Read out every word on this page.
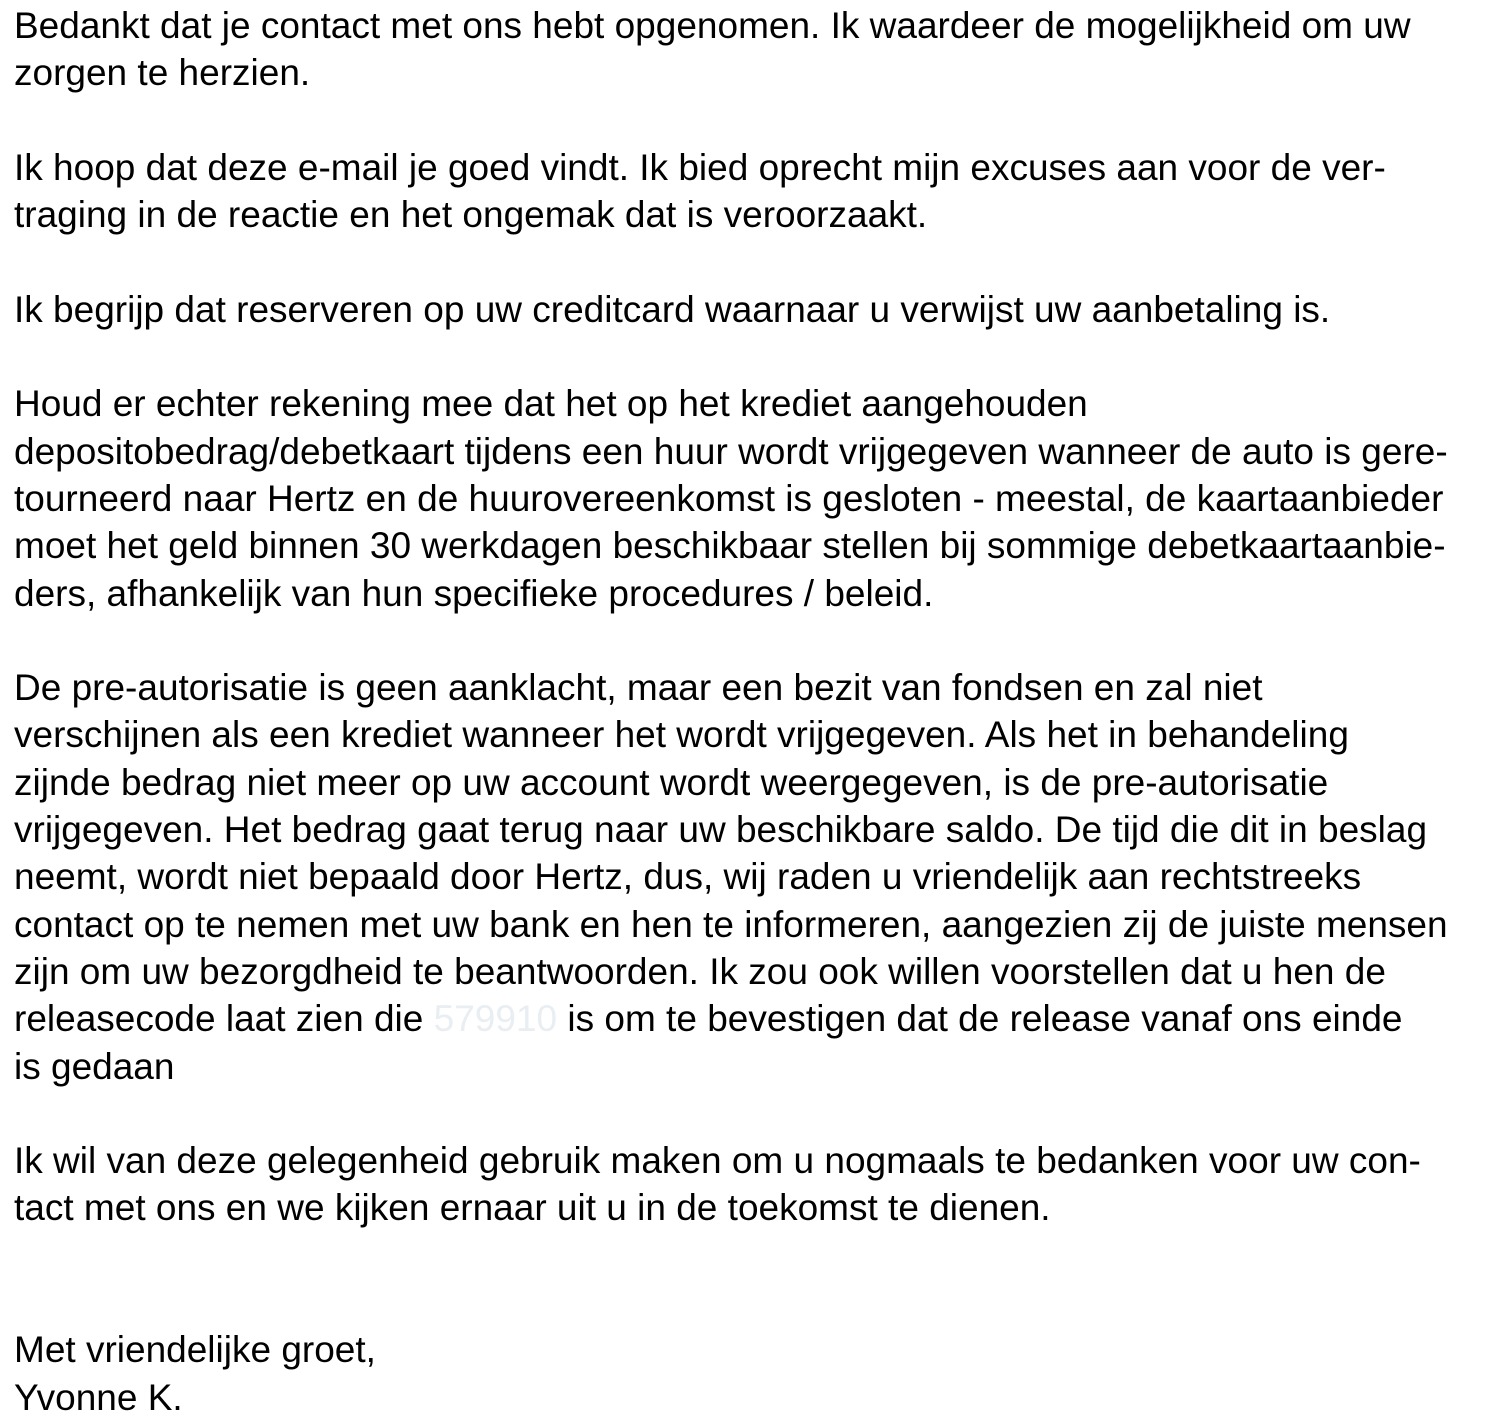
Bedankt dat je contact met ons hebt opgenomen. Ik waardeer de mogelijkheid om uw
zorgen te herzien.
Ik hoop dat deze e-mail je goed vindt. Ik bied oprecht mijn excuses aan voor de ver-
traging in de reactie en het ongemak dat is veroorzaakt.
Ik begrijp dat reserveren op uw creditcard waarnaar u verwijst uw aanbetaling is.
Houd er echter rekening mee dat het op het krediet aangehouden
depositobedrag/debetkaart tijdens een huur wordt vrijgegeven wanneer de auto is gere-
tourneerd naar Hertz en de huurovereenkomst is gesloten - meestal, de kaartaanbieder
moet het geld binnen 30 werkdagen beschikbaar stellen bij sommige debetkaartaanbie-
ders, afhankelijk van hun specifieke procedures / beleid.
De pre-autorisatie is geen aanklacht, maar een bezit van fondsen en zal niet
verschijnen als een krediet wanneer het wordt vrijgegeven. Als het in behandeling
zijnde bedrag niet meer op uw account wordt weergegeven, is de pre-autorisatie
vrijgegeven. Het bedrag gaat terug naar uw beschikbare saldo. De tijd die dit in beslag
neemt, wordt niet bepaald door Hertz, dus, wij raden u vriendelijk aan rechtstreeks
contact op te nemen met uw bank en hen te informeren, aangezien zij de juiste mensen
zijn om uw bezorgdheid te beantwoorden. Ik zou ook willen voorstellen dat u hen de
releasecode laat zien die 579910 is om te bevestigen dat de release vanaf ons einde
is gedaan
Ik wil van deze gelegenheid gebruik maken om u nogmaals te bedanken voor uw con-
tact met ons en we kijken ernaar uit u in de toekomst te dienen.
Met vriendelijke groet,
Yvonne K.
